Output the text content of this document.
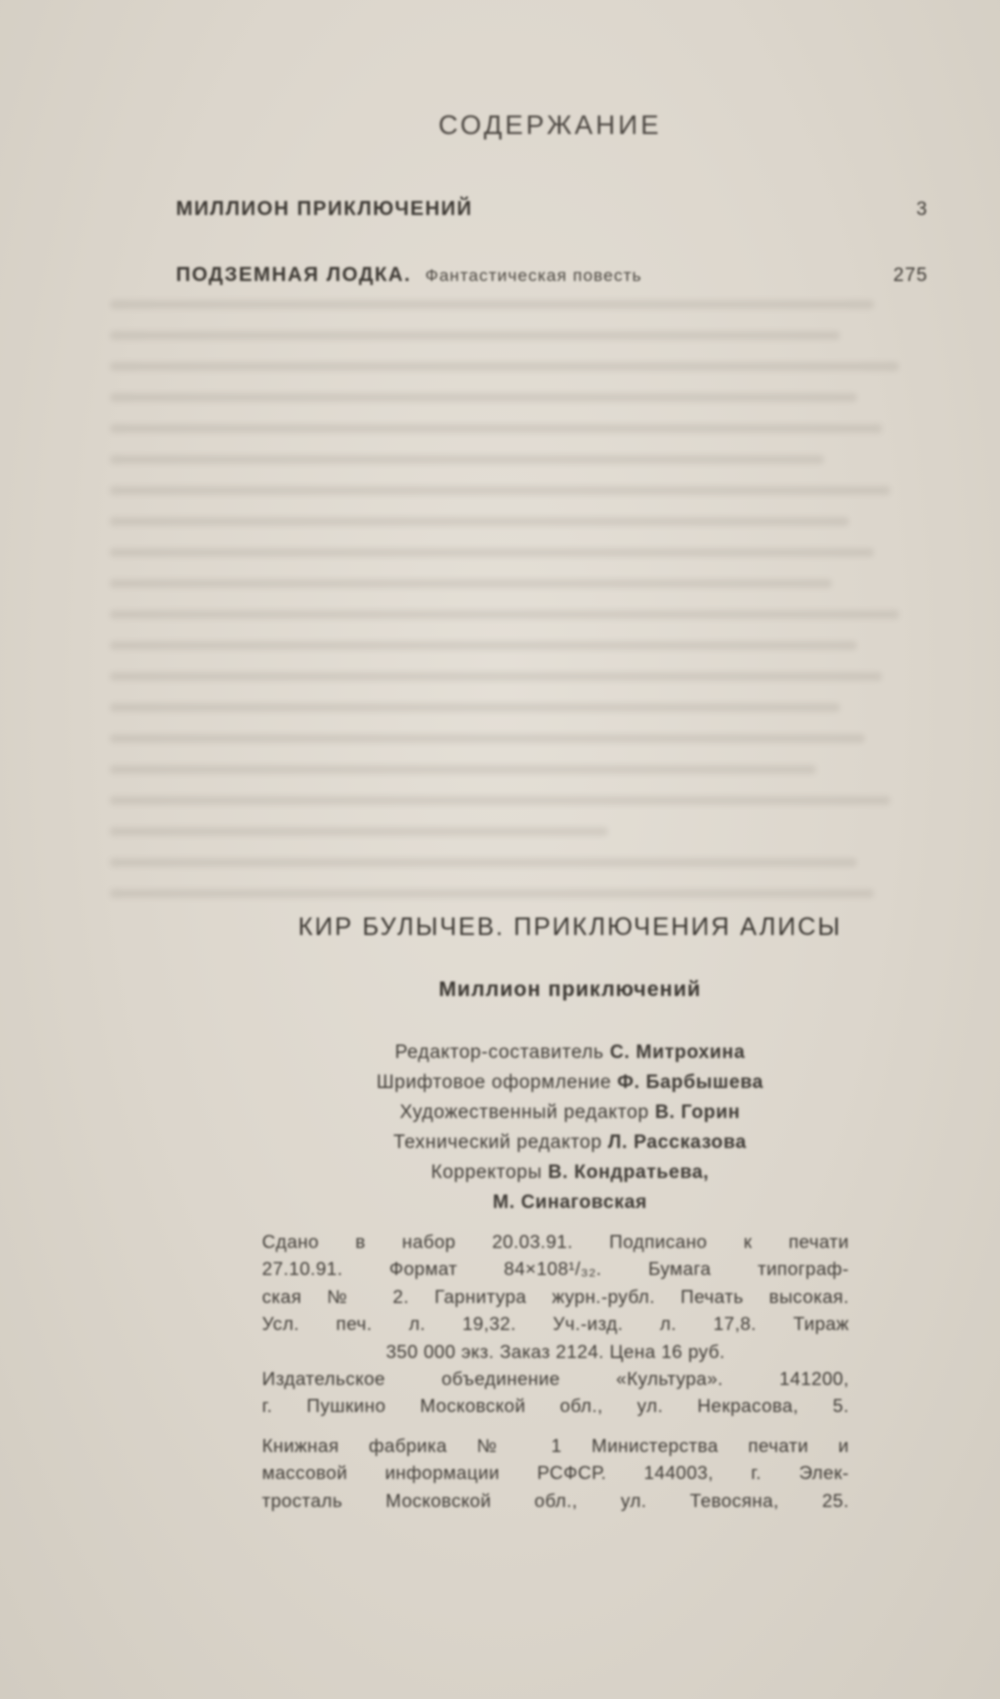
СОДЕРЖАНИЕ
МИЛЛИОН ПРИКЛЮЧЕНИЙ	3
ПОДЗЕМНАЯ ЛОДКА. Фантастическая повесть	275
КИР БУЛЫЧЕВ. ПРИКЛЮЧЕНИЯ АЛИСЫ
Миллион приключений
Редактор-составитель С. Митрохина
Шрифтовое оформление Ф. Барбышева
Художественный редактор В. Горин
Технический редактор Л. Рассказова
Корректоры В. Кондратьева,
М. Синаговская
Сдано в набор 20.03.91. Подписано к печати
27.10.91. Формат 84×108¹/₃₂. Бумага типограф-
ская № 2. Гарнитура журн.-рубл. Печать высокая.
Усл. печ. л. 19,32. Уч.-изд. л. 17,8. Тираж
350 000 экз. Заказ 2124. Цена 16 руб.
Издательское объединение «Культура». 141200,
г. Пушкино Московской обл., ул. Некрасова, 5.
Книжная фабрика № 1 Министерства печати и
массовой информации РСФСР. 144003, г. Элек-
тросталь Московской обл., ул. Тевосяна, 25.
